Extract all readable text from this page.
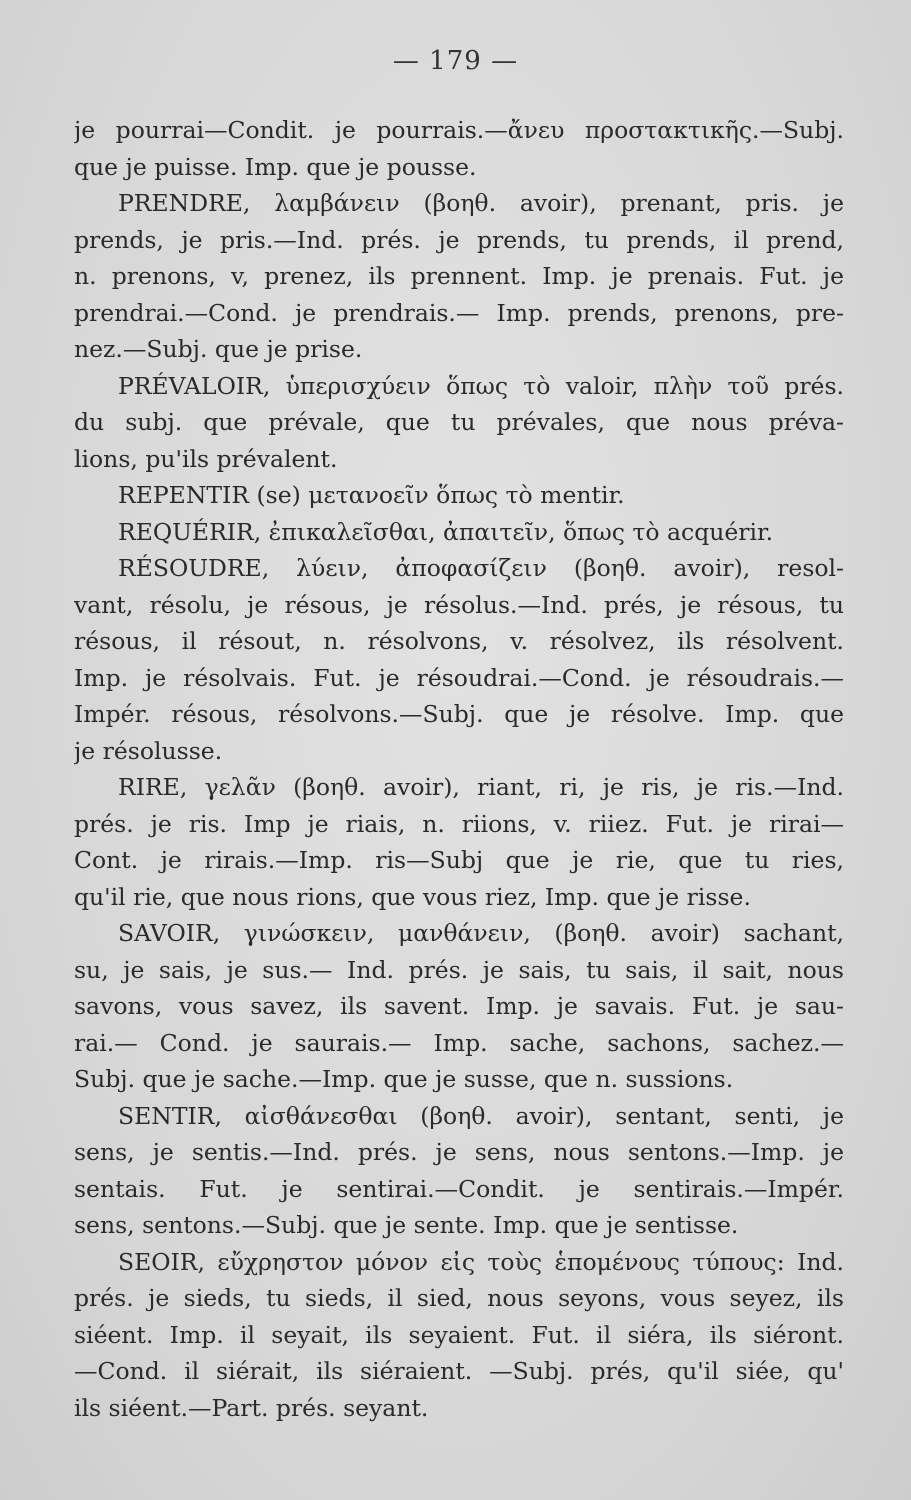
— 179 —
je pourrai—Condit. je pourrais.—ἄνευ προστακτικῆς.—Subj.
que je puisse. Imp. que je pousse.
PRENDRE, λαμβάνειν (βοηθ. avoir), prenant, pris. je
prends, je pris.—Ind. prés. je prends, tu prends, il prend,
n. prenons, v, prenez, ils prennent. Imp. je prenais. Fut. je
prendrai.—Cond. je prendrais.— Imp. prends, prenons, pre-
nez.—Subj. que je prise.
PRÉVALOIR, ὑπερισχύειν ὅπως τὸ valoir, πλὴν τοῦ prés.
du subj. que prévale, que tu prévales, que nous préva-
lions, pu'ils prévalent.
REPENTIR (se) μετανοεῖν ὅπως τὸ mentir.
REQUÉRIR, ἐπικαλεῖσθαι, ἀπαιτεῖν, ὅπως τὸ acquérir.
RÉSOUDRE, λύειν, ἀποφασίζειν (βοηθ. avoir), resol-
vant, résolu, je résous, je résolus.—Ind. prés, je résous, tu
résous, il résout, n. résolvons, v. résolvez, ils résolvent.
Imp. je résolvais. Fut. je résoudrai.—Cond. je résoudrais.—
Impér. résous, résolvons.—Subj. que je résolve. Imp. que
je résolusse.
RIRE, γελᾶν (βοηθ. avoir), riant, ri, je ris, je ris.—Ind.
prés. je ris. Imp je riais, n. riions, v. riiez. Fut. je rirai—
Cont. je rirais.—Imp. ris—Subj que je rie, que tu ries,
qu'il rie, que nous rions, que vous riez, Imp. que je risse.
SAVOIR, γινώσκειν, μανθάνειν, (βοηθ. avoir) sachant,
su, je sais, je sus.— Ind. prés. je sais, tu sais, il sait, nous
savons, vous savez, ils savent. Imp. je savais. Fut. je sau-
rai.— Cond. je saurais.— Imp. sache, sachons, sachez.—
Subj. que je sache.—Imp. que je susse, que n. sussions.
SENTIR, αἰσθάνεσθαι (βοηθ. avoir), sentant, senti, je
sens, je sentis.—Ind. prés. je sens, nous sentons.—Imp. je
sentais. Fut. je sentirai.—Condit. je sentirais.—Impér.
sens, sentons.—Subj. que je sente. Imp. que je sentisse.
SEOIR, εὔχρηστον μόνον εἰς τοὺς ἑπομένους τύπους: Ind.
prés. je sieds, tu sieds, il sied, nous seyons, vous seyez, ils
siéent. Imp. il seyait, ils seyaient. Fut. il siéra, ils siéront.
—Cond. il siérait, ils siéraient. —Subj. prés, qu'il siée, qu'
ils siéent.—Part. prés. seyant.
